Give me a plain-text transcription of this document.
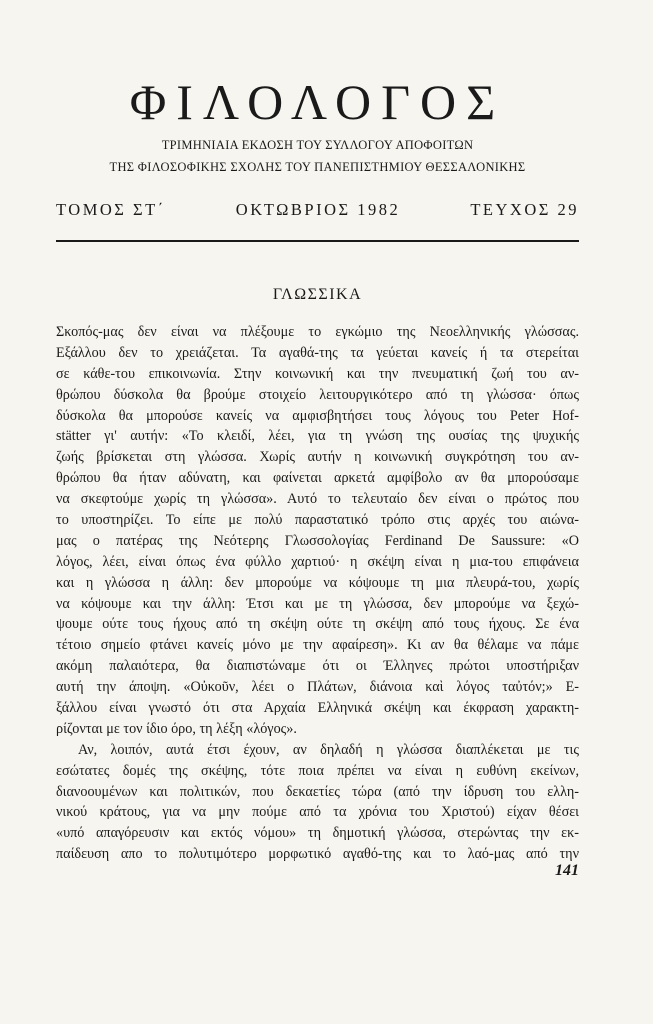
ΦΙΛΟΛΟΓΟΣ
ΤΡΙΜΗΝΙΑΙΑ ΕΚΔΟΣΗ ΤΟΥ ΣΥΛΛΟΓΟΥ ΑΠΟΦΟΙΤΩΝ
ΤΗΣ ΦΙΛΟΣΟΦΙΚΗΣ ΣΧΟΛΗΣ ΤΟΥ ΠΑΝΕΠΙΣΤΗΜΙΟΥ ΘΕΣΣΑΛΟΝΙΚΗΣ
ΤΟΜΟΣ ΣΤ΄	ΟΚΤΩΒΡΙΟΣ 1982	ΤΕΥΧΟΣ 29
ΓΛΩΣΣΙΚΑ
Σκοπός-μας δεν είναι να πλέξουμε το εγκώμιο της Νεοελληνικής γλώσσας.
Εξάλλου δεν το χρειάζεται. Τα αγαθά-της τα γεύεται κανείς ή τα στερείται
σε κάθε-του επικοινωνία. Στην κοινωνική και την πνευματική ζωή του αν-
θρώπου δύσκολα θα βρούμε στοιχείο λειτουργικότερο από τη γλώσσα· όπως
δύσκολα θα μπορούσε κανείς να αμφισβητήσει τους λόγους του Peter Hof-
stätter γι' αυτήν: «Το κλειδί, λέει, για τη γνώση της ουσίας της ψυχικής
ζωής βρίσκεται στη γλώσσα. Χωρίς αυτήν η κοινωνική συγκρότηση του αν-
θρώπου θα ήταν αδύνατη, και φαίνεται αρκετά αμφίβολο αν θα μπορούσαμε
να σκεφτούμε χωρίς τη γλώσσα». Αυτό το τελευταίο δεν είναι ο πρώτος που
το υποστηρίζει. Το είπε με πολύ παραστατικό τρόπο στις αρχές του αιώνα-
μας ο πατέρας της Νεότερης Γλωσσολογίας Ferdinand De Saussure: «Ο
λόγος, λέει, είναι όπως ένα φύλλο χαρτιού· η σκέψη είναι η μια-του επιφάνεια
και η γλώσσα η άλλη: δεν μπορούμε να κόψουμε τη μια πλευρά-του, χωρίς
να κόψουμε και την άλλη: Έτσι και με τη γλώσσα, δεν μπορούμε να ξεχώ-
ψουμε ούτε τους ήχους από τη σκέψη ούτε τη σκέψη από τους ήχους. Σε ένα
τέτοιο σημείο φτάνει κανείς μόνο με την αφαίρεση». Κι αν θα θέλαμε να πάμε
ακόμη παλαιότερα, θα διαπιστώναμε ότι οι Έλληνες πρώτοι υποστήριξαν
αυτή την άποψη. «Οὐκοῦν, λέει ο Πλάτων, διάνοια καὶ λόγος ταὐτόν;» Ε-
ξάλλου είναι γνωστό ότι στα Αρχαία Ελληνικά σκέψη και έκφραση χαρακτη-
ρίζονται με τον ίδιο όρο, τη λέξη «λόγος».
Αν, λοιπόν, αυτά έτσι έχουν, αν δηλαδή η γλώσσα διαπλέκεται με τις
εσώτατες δομές της σκέψης, τότε ποια πρέπει να είναι η ευθύνη εκείνων,
διανοουμένων και πολιτικών, που δεκαετίες τώρα (από την ίδρυση του ελλη-
νικού κράτους, για να μην πούμε από τα χρόνια του Χριστού) είχαν θέσει
«υπό απαγόρευσιν και εκτός νόμου» τη δημοτική γλώσσα, στερώντας την εκ-
παίδευση απο το πολυτιμότερο μορφωτικό αγαθό-της και το λαό-μας από την
141
